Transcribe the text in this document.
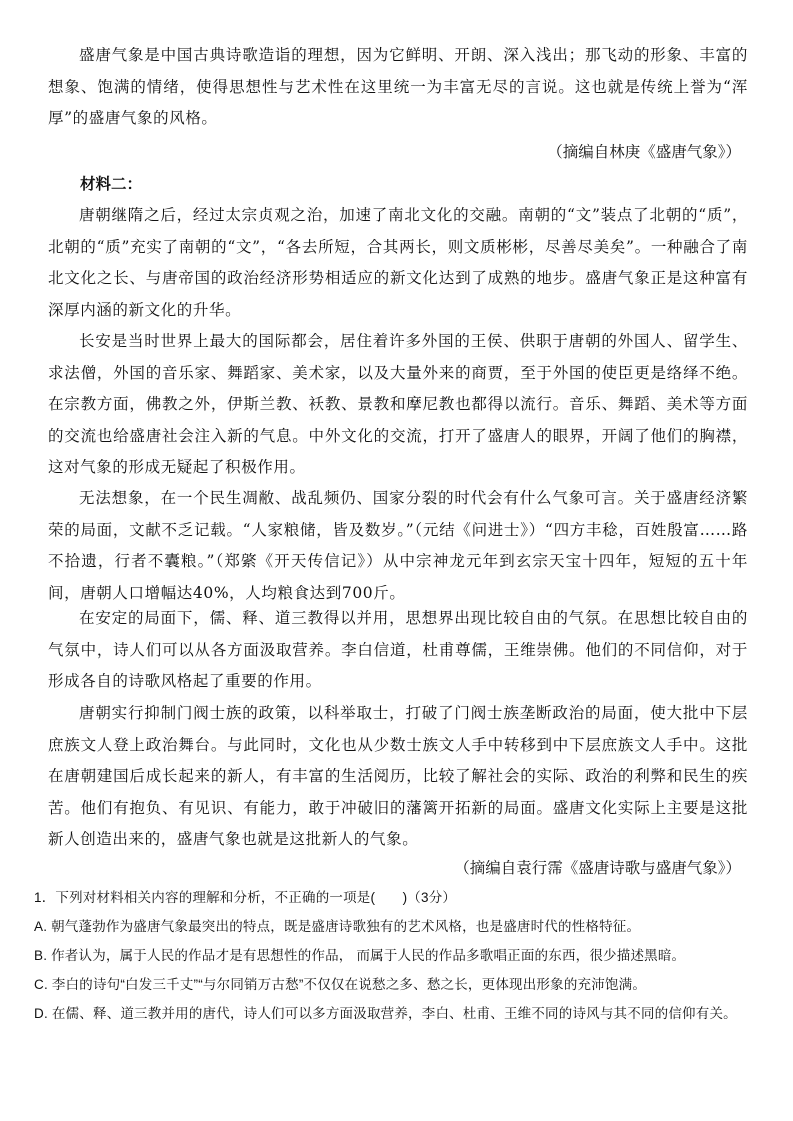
盛唐气象是中国古典诗歌造诣的理想，因为它鲜明、开朗、深入浅出；那飞动的形象、丰富的想象、饱满的情绪，使得思想性与艺术性在这里统一为丰富无尽的言说。这也就是传统上誉为“浑厚”的盛唐气象的风格。
（摘编自林庚《盛唐气象》）
材料二：
唐朝继隋之后，经过太宗贞观之治，加速了南北文化的交融。南朝的“文”装点了北朝的“质”，北朝的“质”充实了南朝的“文”，“各去所短，合其两长，则文质彬彬，尽善尽美矣”。一种融合了南北文化之长、与唐帝国的政治经济形势相适应的新文化达到了成熟的地步。盛唐气象正是这种富有深厚内涵的新文化的升华。
长安是当时世界上最大的国际都会，居住着许多外国的王侯、供职于唐朝的外国人、留学生、求法僧，外国的音乐家、舞蹈家、美术家，以及大量外来的商贾，至于外国的使臣更是络绎不绝。在宗教方面，佛教之外，伊斯兰教、袄教、景教和摩尼教也都得以流行。音乐、舞蹈、美术等方面的交流也给盛唐社会注入新的气息。中外文化的交流，打开了盛唐人的眼界，开阔了他们的胸襟，这对气象的形成无疑起了积极作用。
无法想象，在一个民生凋敝、战乱频仍、国家分裂的时代会有什么气象可言。关于盛唐经济繁荣的局面，文献不乏记载。“人家粮储，皆及数岁。”（元结《问进士》）“四方丰稔，百姓殷富……路不拾遗，行者不囊粮。”（郑綮《开天传信记》）从中宗神龙元年到玄宗天宝十四年，短短的五十年间，唐朝人口增幅达40%，人均粮食达到700斤。
在安定的局面下，儒、释、道三教得以并用，思想界出现比较自由的气氛。在思想比较自由的气氛中，诗人们可以从各方面汲取营养。李白信道，杜甫尊儒，王维崇佛。他们的不同信仰，对于形成各自的诗歌风格起了重要的作用。
唐朝实行抑制门阀士族的政策，以科举取士，打破了门阀士族垄断政治的局面，使大批中下层庶族文人登上政治舞台。与此同时，文化也从少数士族文人手中转移到中下层庶族文人手中。这批在唐朝建国后成长起来的新人，有丰富的生活阅历，比较了解社会的实际、政治的利弊和民生的疾苦。他们有抱负、有见识、有能力，敢于冲破旧的藩篱开拓新的局面。盛唐文化实际上主要是这批新人创造出来的，盛唐气象也就是这批新人的气象。
（摘编自袁行霈《盛唐诗歌与盛唐气象》）
1．下列对材料相关内容的理解和分析，不正确的一项是(　　)（3分）
A. 朝气蓬勃作为盛唐气象最突出的特点，既是盛唐诗歌独有的艺术风格，也是盛唐时代的性格特征。
B. 作者认为，属于人民的作品才是有思想性的作品， 而属于人民的作品多歌唱正面的东西，很少描述黑暗。
C. 李白的诗句“白发三千丈”“与尔同销万古愁”不仅仅在说愁之多、愁之长，更体现出形象的充沛饱满。
D. 在儒、释、道三教并用的唐代，诗人们可以多方面汲取营养，李白、杜甫、王维不同的诗风与其不同的信仰有关。
